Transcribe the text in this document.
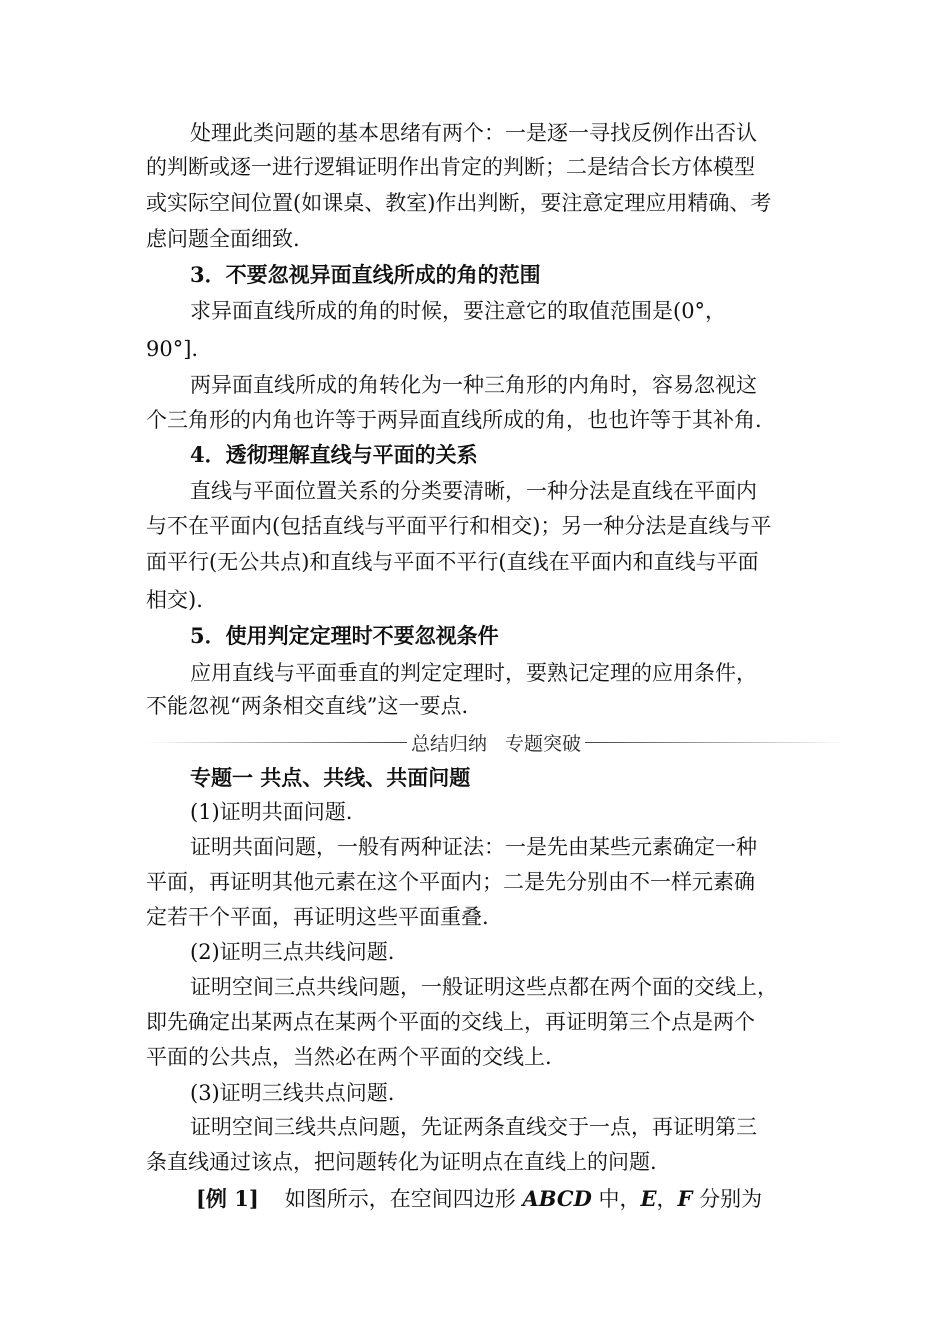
处理此类问题的基本思绪有两个：一是逐一寻找反例作出否认
的判断或逐一进行逻辑证明作出肯定的判断；二是结合长方体模型
或实际空间位置(如课桌、教室)作出判断，要注意定理应用精确、考
虑问题全面细致.
3．不要忽视异面直线所成的角的范围
求异面直线所成的角的时候，要注意它的取值范围是(0°，
90°].
两异面直线所成的角转化为一种三角形的内角时，容易忽视这
个三角形的内角也许等于两异面直线所成的角，也也许等于其补角.
4．透彻理解直线与平面的关系
直线与平面位置关系的分类要清晰，一种分法是直线在平面内
与不在平面内(包括直线与平面平行和相交)；另一种分法是直线与平
面平行(无公共点)和直线与平面不平行(直线在平面内和直线与平面
相交).
5．使用判定定理时不要忽视条件
应用直线与平面垂直的判定定理时，要熟记定理的应用条件，
不能忽视“两条相交直线”这一要点.
总结归纳   专题突破
专题一 共点、共线、共面问题
(1)证明共面问题.
证明共面问题，一般有两种证法：一是先由某些元素确定一种
平面，再证明其他元素在这个平面内；二是先分别由不一样元素确
定若干个平面，再证明这些平面重叠.
(2)证明三点共线问题.
证明空间三点共线问题，一般证明这些点都在两个面的交线上，
即先确定出某两点在某两个平面的交线上，再证明第三个点是两个
平面的公共点，当然必在两个平面的交线上.
(3)证明三线共点问题.
证明空间三线共点问题，先证两条直线交于一点，再证明第三
条直线通过该点，把问题转化为证明点在直线上的问题.
[例 1] 如图所示，在空间四边形 ABCD 中，E，F 分别为
